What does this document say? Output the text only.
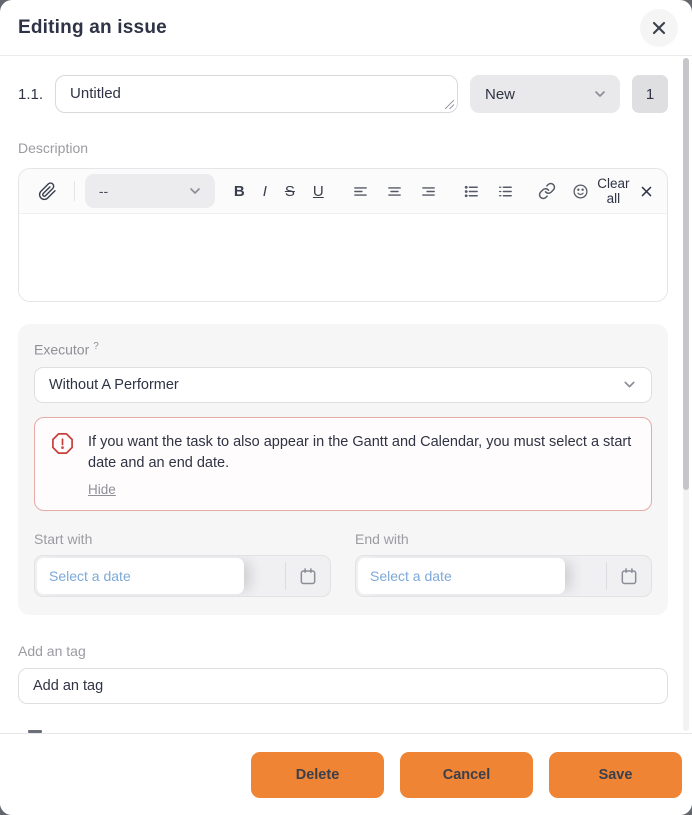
Editing an issue
1.1.
Untitled	New	1
Description
--	B	I	S	U	Clear all
Executor ?
Without A Performer
If you want the task to also appear in the Gantt and Calendar, you must select a start date and an end date.
Hide
Start with
Select a date	End with
Select a date
Add an tag
Add an tag
Delete	Cancel	Save
